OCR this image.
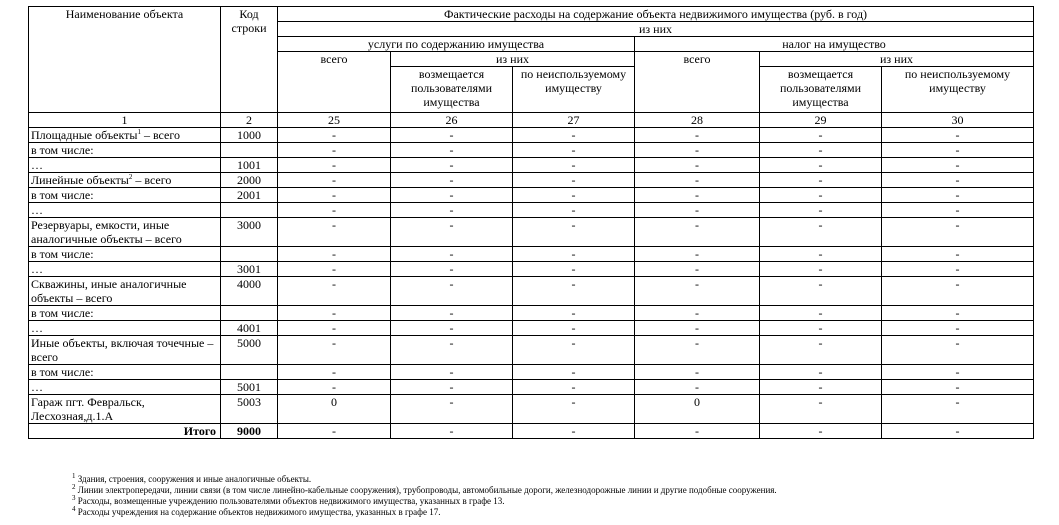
Наименование объекта	Код строки	Фактические расходы на содержание объекта недвижимого имущества (руб. в год)					
		из них					
		услуги по содержанию имущества			налог на имущество		
		всего	из них		всего	из них	
			возмещается пользователями имущества	по неиспользуемому имуществу		возмещается пользователями имущества	по неиспользуемому имуществу
1	2	25	26	27	28	29	30
Площадные объекты$^1$ – всего	1000	-	-	-	-	-	-
в том числе:		-	-	-	-	-	-
…	1001	-	-	-	-	-	-
Линейные объекты$^2$ – всего	2000	-	-	-	-	-	-
в том числе:	2001	-	-	-	-	-	-
…		-	-	-	-	-	-
Резервуары, емкости, иные аналогичные объекты – всего	3000	-	-	-	-	-	-
в том числе:		-	-	-	-	-	-
…	3001	-	-	-	-	-	-
Скважины, иные аналогичные объекты – всего	4000	-	-	-	-	-	-
в том числе:		-	-	-	-	-	-
…	4001	-	-	-	-	-	-
Иные объекты, включая точечные – всего	5000	-	-	-	-	-	-
в том числе:		-	-	-	-	-	-
…	5001	-	-	-	-	-	-
Гараж пгт. Февральск, Лесхозная,д.1.А	5003	0	-	-	0	-	-
Итого	9000	-	-	-	-	-	-
$^1$ Здания, строения, сооружения и иные аналогичные объекты.
$^2$ Линии электропередачи, линии связи (в том числе линейно-кабельные сооружения), трубопроводы, автомобильные дороги, железнодорожные линии и другие подобные сооружения.
$^3$ Расходы, возмещенные учреждению пользователями объектов недвижимого имущества, указанных в графе 13.
$^4$ Расходы учреждения на содержание объектов недвижимого имущества, указанных в графе 17.
